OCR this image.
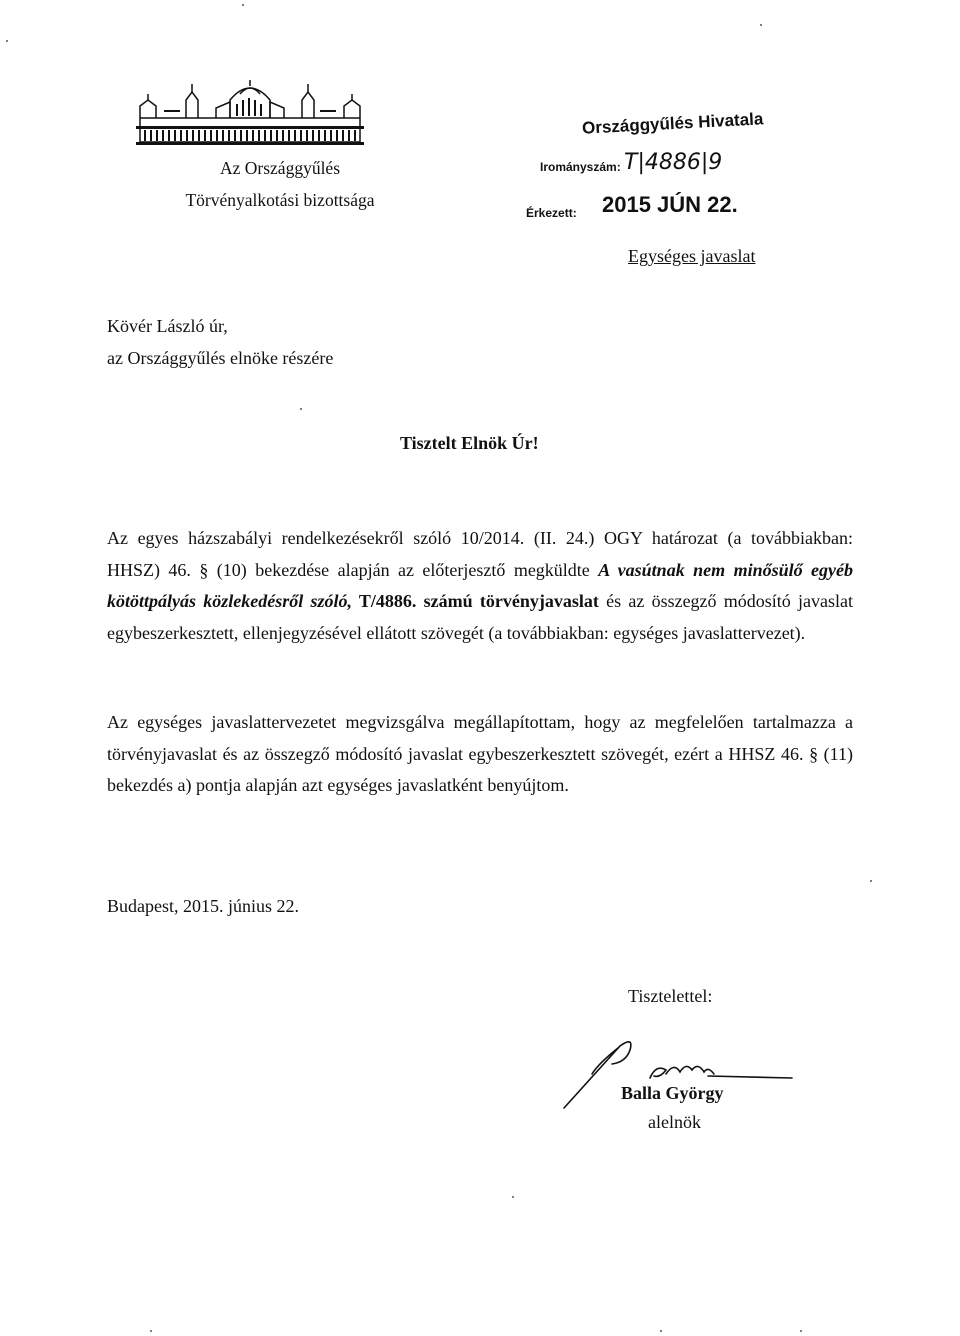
Az Országgyűlés
Törvényalkotási bizottsága
Országgyűlés Hivatala
Irományszám: T|4886|9
Érkezett: 2015 JÚN 22.
Egységes javaslat
Kövér László úr,
az Országgyűlés elnöke részére
Tisztelt Elnök Úr!
Az egyes házszabályi rendelkezésekről szóló 10/2014. (II. 24.) OGY határozat (a továbbiakban: HHSZ) 46. § (10) bekezdése alapján az előterjesztő megküldte A vasútnak nem minősülő egyéb kötöttpályás közlekedésről szóló, T/4886. számú törvényjavaslat és az összegző módosító javaslat egybeszerkesztett, ellenjegyzésével ellátott szövegét (a továbbiakban: egységes javaslattervezet).
Az egységes javaslattervezetet megvizsgálva megállapítottam, hogy az megfelelően tartalmazza a törvényjavaslat és az összegző módosító javaslat egybeszerkesztett szövegét, ezért a HHSZ 46. § (11) bekezdés a) pontja alapján azt egységes javaslatként benyújtom.
Budapest, 2015. június 22.
Tisztelettel:
Balla György
alelnök
